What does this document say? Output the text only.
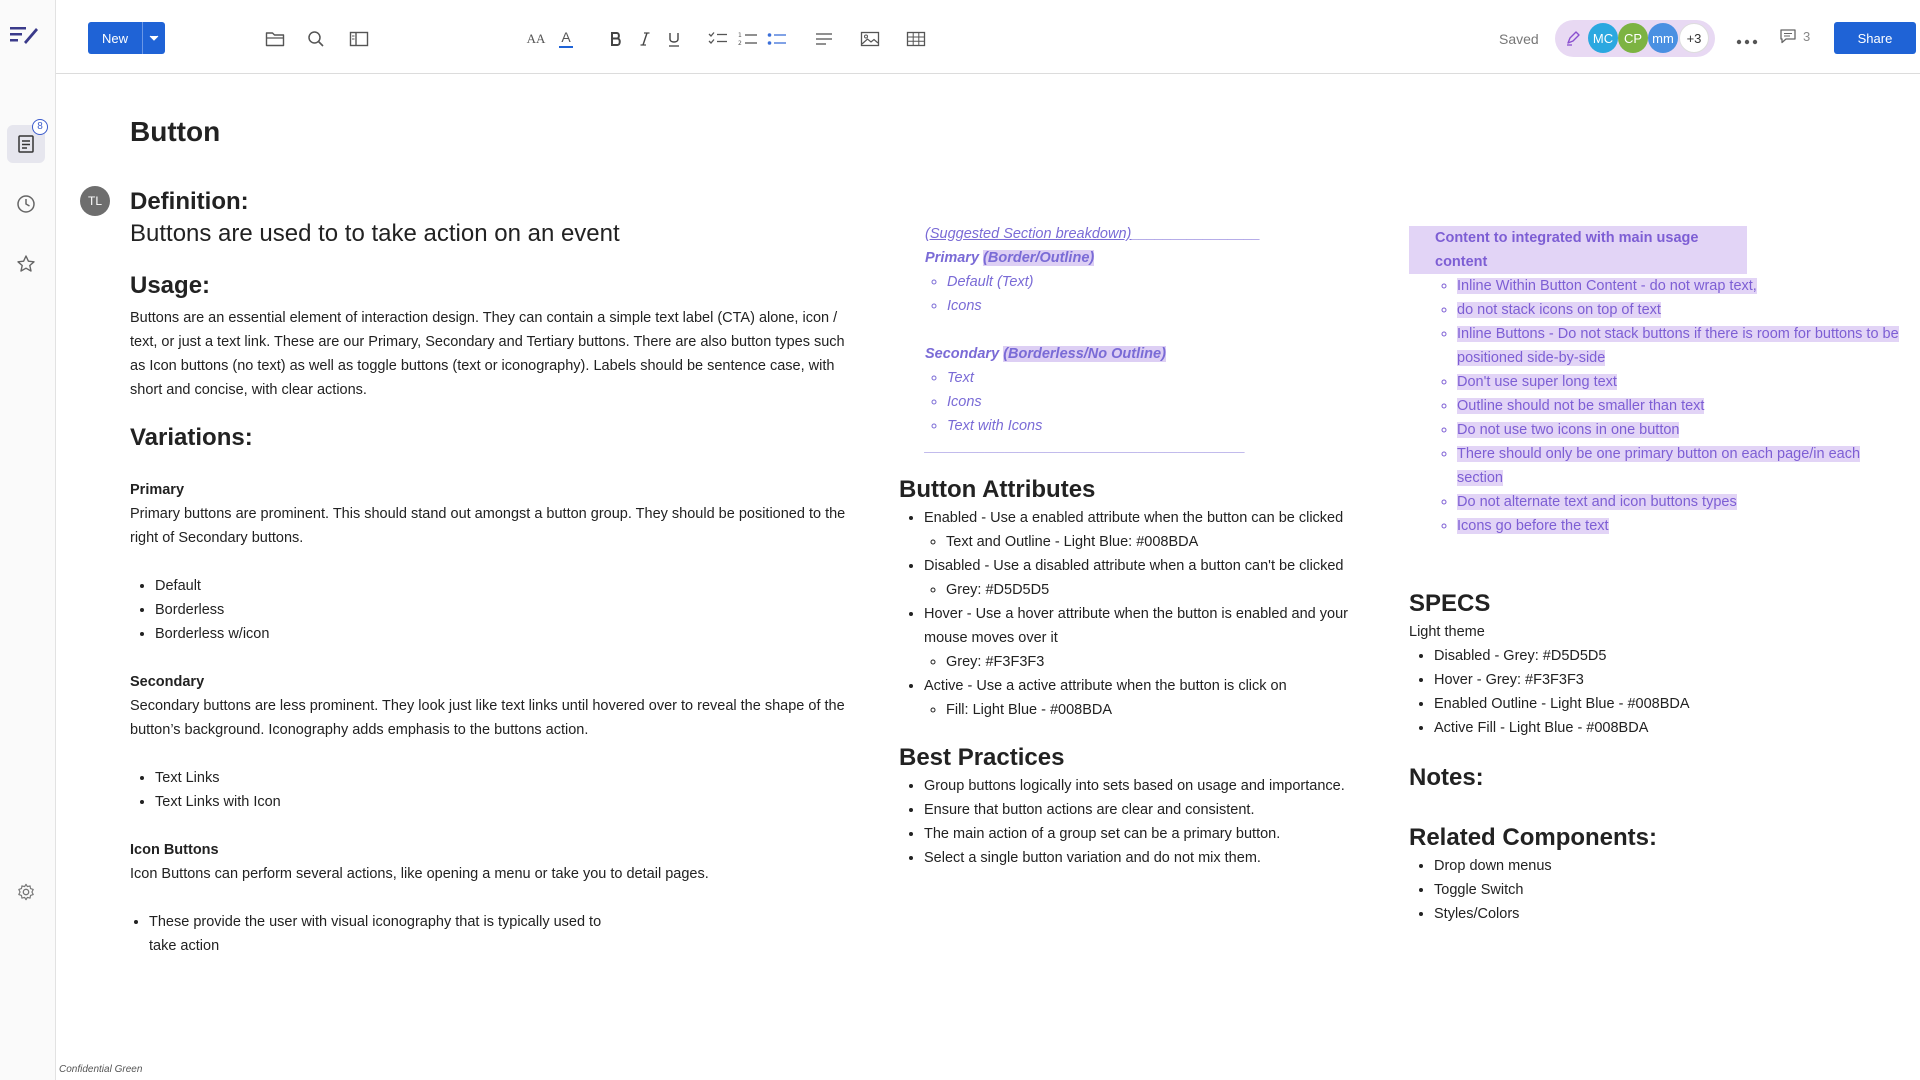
8
New	AA A	1
2	Saved	MC CP mm +3	3	Share
Button
TL Definition:

Buttons are used to to take action on an event

Usage:

Buttons are an essential element of interaction design. They can contain a simple text label (CTA) alone, icon / text, or just a text link. These are our Primary, Secondary and Tertiary buttons. There are also button types such as Icon buttons (no text) as well as toggle buttons (text or iconography). Labels should be sentence case, with short and concise, with clear actions.

Variations:
Primary

Primary buttons are prominent. This should stand out amongst a button group. They should be positioned to the right of Secondary buttons.

• Default
• Borderless
• Borderless w/icon
Secondary

Secondary buttons are less prominent. They look just like text links until hovered over to reveal the shape of the button’s background. Iconography adds emphasis to the buttons action.

• Text Links
• Text Links with Icon
Icon Buttons

Icon Buttons can perform several actions, like opening a menu or take you to detail pages.

• These provide the user with visual iconography that is typically used to
take action
(Suggested Section breakdown)________________
Primary (Border/Outline)
◦ Default (Text)
◦ Icons
Secondary (Borderless/No Outline)
◦ Text
◦ Icons
◦ Text with Icons
________________________________________________
Button Attributes
• Enabled - Use a enabled attribute when the button can be clicked
◦ Text and Outline - Light Blue: #008BDA
• Disabled - Use a disabled attribute when a button can't be clicked
◦ Grey: #D5D5D5
• Hover - Use a hover attribute when the button is enabled and your mouse moves over it
◦ Grey: #F3F3F3
• Active - Use a active attribute when the button is click on
◦ Fill: Light Blue - #008BDA
Best Practices
• Group buttons logically into sets based on usage and importance.
• Ensure that button actions are clear and consistent.
• The main action of a group set can be a primary button.
• Select a single button variation and do not mix them.
Content to integrated with main usage content
◦ Inline Within Button Content - do not wrap text,
◦ do not stack icons on top of text
◦ Inline Buttons - Do not stack buttons if there is room for buttons to be positioned side-by-side
◦ Don't use super long text
◦ Outline should not be smaller than text
◦ Do not use two icons in one button
◦ There should only be one primary button on each page/in each section
◦ Do not alternate text and icon buttons types
◦ Icons go before the text
SPECS

Light theme

• Disabled - Grey: #D5D5D5
• Hover - Grey: #F3F3F3
• Enabled Outline - Light Blue - #008BDA
• Active Fill - Light Blue - #008BDA
Notes:
Related Components:
• Drop down menus
• Toggle Switch
• Styles/Colors
Confidential Green
